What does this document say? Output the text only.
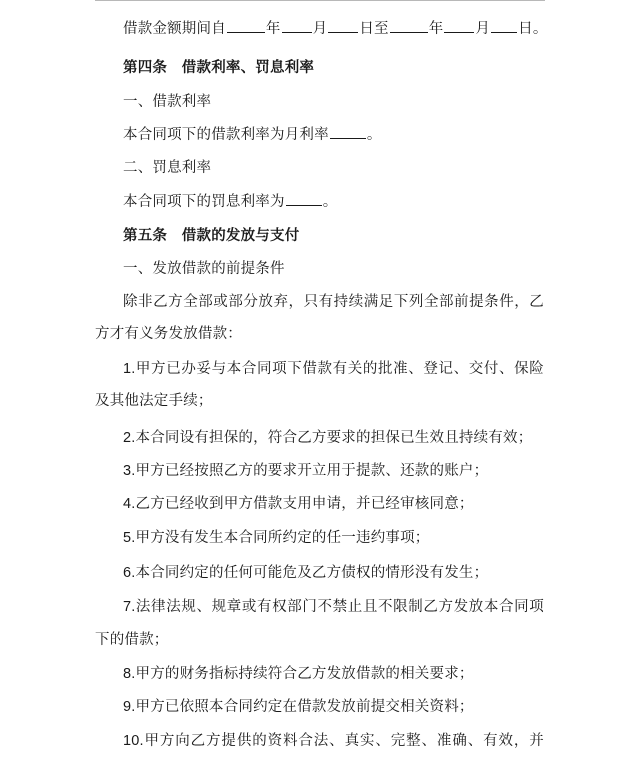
借款金额期间自	年 月 日至	年 月 日。
第四条　借款利率、罚息利率
一、借款利率
本合同项下的借款利率为月利率	。
二、罚息利率
本合同项下的罚息利率为	。
第五条　借款的发放与支付
一、发放借款的前提条件
除非乙方全部或部分放弃，只有持续满足下列全部前提条件，乙
方才有义务发放借款：
1.甲方已办妥与本合同项下借款有关的批准、登记、交付、保险
及其他法定手续；
2.本合同设有担保的，符合乙方要求的担保已生效且持续有效；
3.甲方已经按照乙方的要求开立用于提款、还款的账户；
4.乙方已经收到甲方借款支用申请，并已经审核同意；
5.甲方没有发生本合同所约定的任一违约事项；
6.本合同约定的任何可能危及乙方债权的情形没有发生；
7.法律法规、规章或有权部门不禁止且不限制乙方发放本合同项
下的借款；
8.甲方的财务指标持续符合乙方发放借款的相关要求；
9.甲方已依照本合同约定在借款发放前提交相关资料；
10.甲方向乙方提供的资料合法、真实、完整、准确、有效，并
